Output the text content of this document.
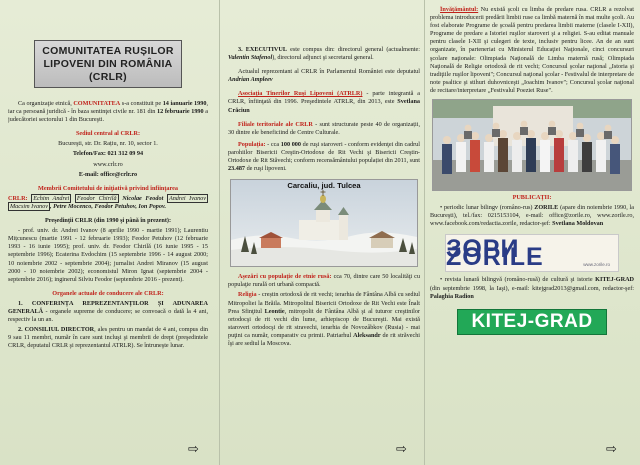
COMUNITATEA RUȘILOR
LIPOVENI DIN ROMÂNIA
(CRLR)

Ca organizaţie etnică, COMUNITATEA s-a constituit pe 14 ianuarie 1990, iar ca persoană juridică - în baza sentinţei civile nr. 181 din 12 februarie 1990 a judecătoriei sectorului 1 din Bucureşti.

Sediul central al CRLR:

Bucureşti, str. Dr. Rațiu, nr. 10, sector 1.

Telefon/Fax: 021 312 09 94

www.crlr.ro

E-mail: office@crlr.ro

Membrii Comitetului de iniţiativă privind înfiinţarea

CRLR: Echim Andrei Feodor Chirilă Nicolae Feodot Andrei Ivanov Macsim Ivanov , Petre Mocenco, Feodor Petuhov, Ion Popov.

Preşedinţii CRLR (din 1990 şi până în prezent):

- prof. univ. dr. Andrei Ivanov (8 aprilie 1990 - martie 1991); Laurentiu Mițcunescu (martie 1991 - 12 februarie 1993); Feodor Petuhov (12 februarie 1993 - 16 iunie 1995); prof. univ. dr. Feodor Chirilă (16 iunie 1995 - 15 septembrie 1996); Ecaterina Evdochim (15 septembrie 1996 - 14 august 2000; 10 noiembrie 2002 - septembrie 2004); jurnalist Andrei Miranov (15 august 2000 - 10 noiembrie 2002); economistul Miron Ignat (septembrie 2004 - septembrie 2016); inginerul Silviu Feodor (septembrie 2016 - prezent).

Organele actuale de conducere ale CRLR:

1. CONFERINȚA REPREZENTANȚILOR ȘI ADUNAREA GENERALĂ - organele supreme de conducere; se convoacă o dată la 4 ani, respectiv la un an.

2. CONSILIUL DIRECTOR, ales pentru un mandat de 4 ani, compus din 9 sau 11 membri, număr în care sunt incluşi şi membrii de drept (preşedintele CRLR, deputatul CRLR şi reprezentantul ATRLR). Se întruneşte lunar.

⇨

3. EXECUTIVUL este compus din: directorul general (actualmente: Valentin Stafenol), directorul adjunct şi secretarul general.

Actualul reprezentant al CRLR în Parlamentul României este deputatul Andrian Ampleev

Asociaţia Tinerilor Ruşi Lipoveni (ATRLR) - parte integrantă a CRLR, înfiinţată din 1996. Preşedintele ATRLR, din 2013, este Svetlana Crăciun

Filiale teritoriale ale CRLR - sunt structurate peste 40 de organizații, 30 dintre ele beneficiind de Centre Culturale.

Populația: - cca 100 000 de ruşi staroveri - conform evidenţei din cadrul parohiilor Bisericii Creştin-Ortodoxe de Rit Vechi şi Bisericii Creştin-Ortodoxe de Rit Stăvechi; conform recensământului populației din 2011, sunt 23.487 de ruşi lipoveni.

Carcaliu, jud. Tulcea

Aşezări cu populaţie de etnie rusă: cca 70, dintre care 50 localităţi cu populaţie rurală ori urbană compactă.

Religia - creștin ortodoxă de rit vechi; ierarhia de Fântâna Albă cu sediul Mitropoliei la Brăila. Mitropolitul Bisericii Ortodoxe de Rit Vechi este Înalt Prea Sfinţitul Leontie, mitropolit de Fântâna Albă şi al tuturor creştinilor ortodocşi de rit vechi din lume, arhiepiscop de Bucureşti. Mai există staroveri ortodocşi de rit stravechi, ierarhia de Novozâbkov (Rusia) - mai puţini ca număr, comparativ cu primii. Patriarhul Aleksandr de rit străvechi îşi are sediul la Moscova.

⇨

Învăţământul: Nu există şcoli cu limba de predare rusa. CRLR a rezolvat problema introducerii predării limbii ruse ca limbă maternă în mai multe şcoli. Au fost elaborate Programe de şcoală pentru predarea limbii materne (clasele I-XII), Programe de predare a Istoriei ruşilor staroveri şi a religiei. S-au editat manuale pentru clasele I-XII şi culegeri de texte, inclusiv pentru licee. An de an sunt organizate, în parteneriat cu Ministerul Educaţiei Naţionale, cinci concursuri şcolare naţionale: Olimpiada Naţională de Limba maternă rusă; Olimpiada Naţională de Religie ortodoxă de rit vechi; Concursul şcolar naţional „Istoria şi tradiţiile ruşilor lipoveni"; Concursul naţional şcolar - Festivalul de interpretare de note psaltice şi stihuri duhovniceşti „Ioachim Ivanov"; Concursul şcolar naţional de recitare/interpretare „Festivalul Poeziei Ruse".

PUBLICAŢII:

• periodic lunar bilingv (româno-rus) ZORILE (apare din noiembrie 1990, la Bucureşti), tel./fax: 0215153104, e-mail: office@zorile.ro, www.zorile.ro, www.facebook.com/redactia.zorile, redactor-şef: Svetlana Moldovan

ЗОРИ ZORILE	www.zorile.ro

• revista lunară bilingvă (româno-rusă) de cultură şi istorie KITEJ-GRAD (din septembrie 1998, la Iaşi), e-mail: kitejgrad2013@gmail.com, redactor-şef: Palaghia Radion

KITEJ-GRAD
⇨
